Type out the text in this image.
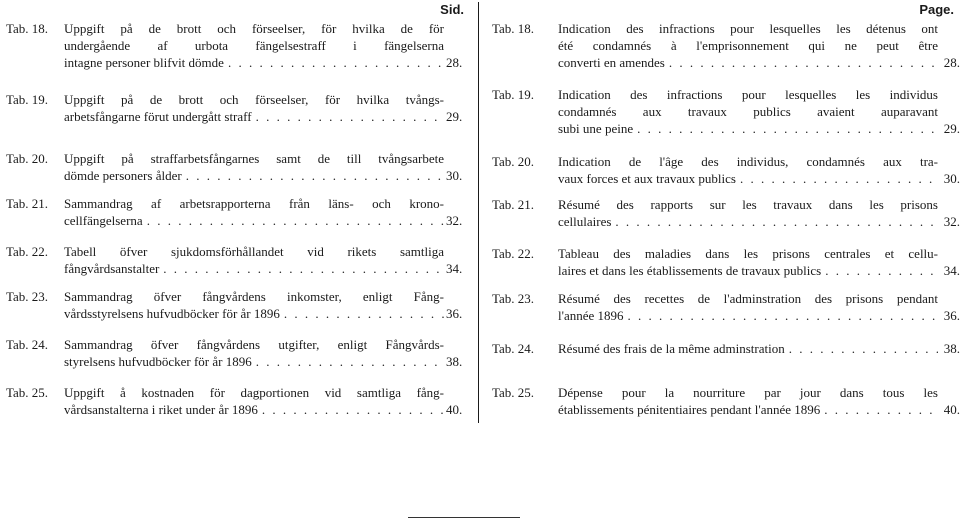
Sid.
Tab. 18. Uppgift på de brott och förseelser, för hvilka de för
undergående af urbota fängelsestraff i fängelserna
intagne personer blifvit dömde . . .	28.
Tab. 19. Uppgift på de brott och förseelser, för hvilka tvångs-
arbetsfångarne förut undergått straff . . .	29.
Tab. 20. Uppgift på straffarbetsfångarnes samt de till tvångsarbete
dömde personers ålder . . .	30.
Tab. 21. Sammandrag af arbetsrapporterna från läns- och krono-
cellfängelserna . . .	32.
Tab. 22. Tabell öfver sjukdomsförhållandet vid rikets samtliga
fångvårdsanstalter . . .	34.
Tab. 23. Sammandrag öfver fångvårdens inkomster, enligt Fång-
vårdsstyrelsens hufvudböcker för år 1896 . . .	36.
Tab. 24. Sammandrag öfver fångvårdens utgifter, enligt Fångvårds-
styrelsens hufvudböcker för år 1896 . . .	38.
Tab. 25. Uppgift å kostnaden för dagportionen vid samtliga fång-
vårdsanstalterna i riket under år 1896 . . .	40.
Page.
Tab. 18. Indication des infractions pour lesquelles les détenus ont
été condamnés à l'emprisonnement qui ne peut être
converti en amendes . . .	28.
Tab. 19. Indication des infractions pour lesquelles les individus
condamnés aux travaux publics avaient auparavant
subi une peine . . .	29.
Tab. 20. Indication de l'âge des individus, condamnés aux tra-
vaux forces et aux travaux publics . . .	30.
Tab. 21. Résumé des rapports sur les travaux dans les prisons
cellulaires . . .	32.
Tab. 22. Tableau des maladies dans les prisons centrales et cellu-
laires et dans les établissements de travaux publics . . .	34.
Tab. 23. Résumé des recettes de l'adminstration des prisons pendant
l'année 1896 . . .	36.
Tab. 24. Résumé des frais de la même adminstration . . .	38.
Tab. 25. Dépense pour la nourriture par jour dans tous les
établissements pénitentiaires pendant l'année 1896 . . .	40.
